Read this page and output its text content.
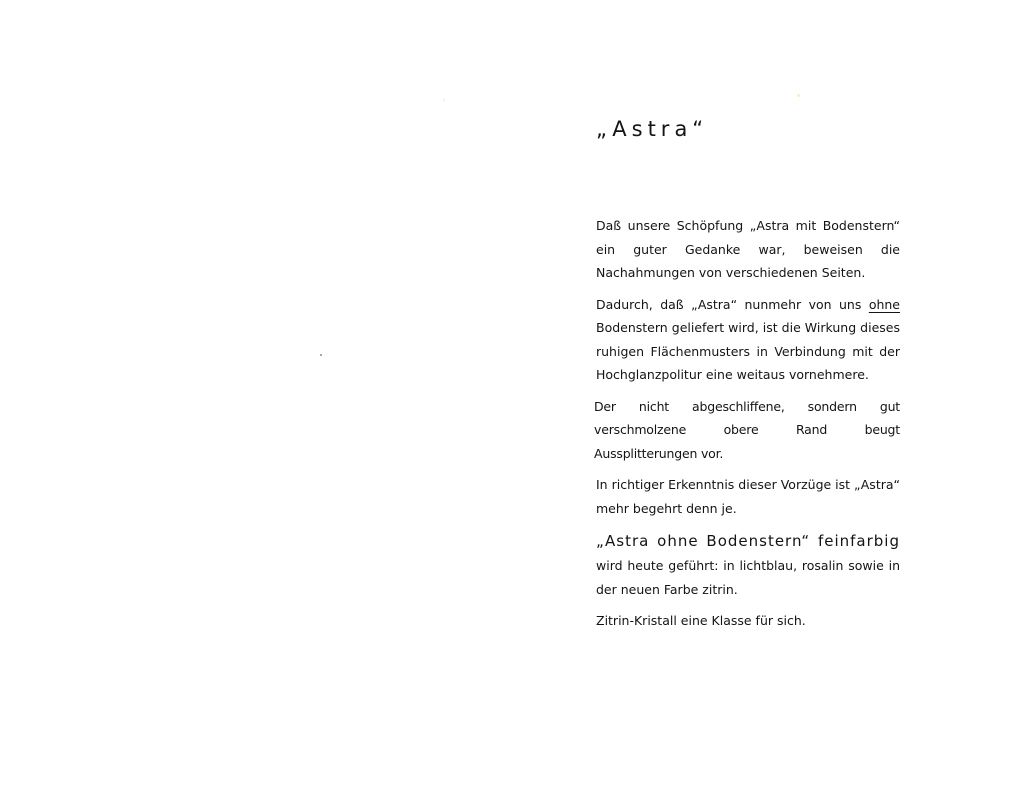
„Astra“

Daß unsere Schöpfung „Astra mit Bodenstern“ ein guter Gedanke war, beweisen die Nachahmungen von verschiedenen Seiten.

Dadurch, daß „Astra“ nunmehr von uns ohne Bodenstern geliefert wird, ist die Wirkung dieses ruhigen Flächenmusters in Verbindung mit der Hochglanzpolitur eine weitaus vornehmere.

Der nicht abgeschliffene, sondern gut verschmolzene obere Rand beugt Aussplitterungen vor.

In richtiger Erkenntnis dieser Vorzüge ist „Astra“ mehr begehrt denn je.

„Astra ohne Bodenstern“ feinfarbig
wird heute geführt: in lichtblau, rosalin sowie in der neuen Farbe zitrin.

Zitrin-Kristall eine Klasse für sich.
